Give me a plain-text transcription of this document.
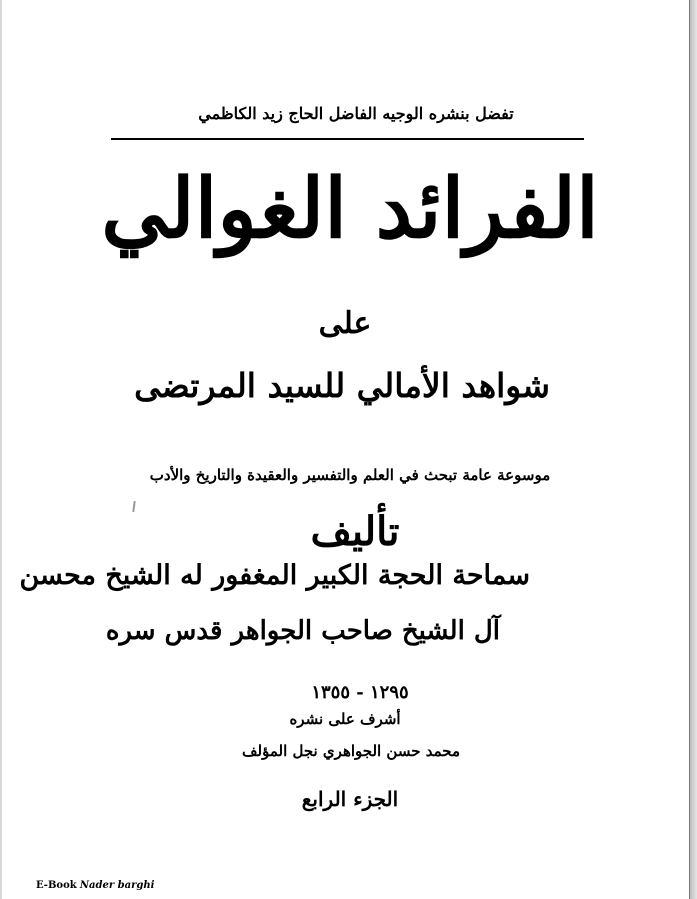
تفضل بنشره الوجيه الفاضل الحاج زيد الكاظمي
الفرائد الغوالي
على
شواهد الأمالي للسيد المرتضى
موسوعة عامة تبحث في العلم والتفسير والعقيدة والتاريخ والأدب
تأليف
سماحة الحجة الكبير المغفور له الشيخ محسن
آل الشيخ صاحب الجواهر قدس سره
١٢٩٥ - ١٣٥٥
أشرف على نشره
محمد حسن الجواهري نجل المؤلف
الجزء الرابع
E-Book Nader barghi
